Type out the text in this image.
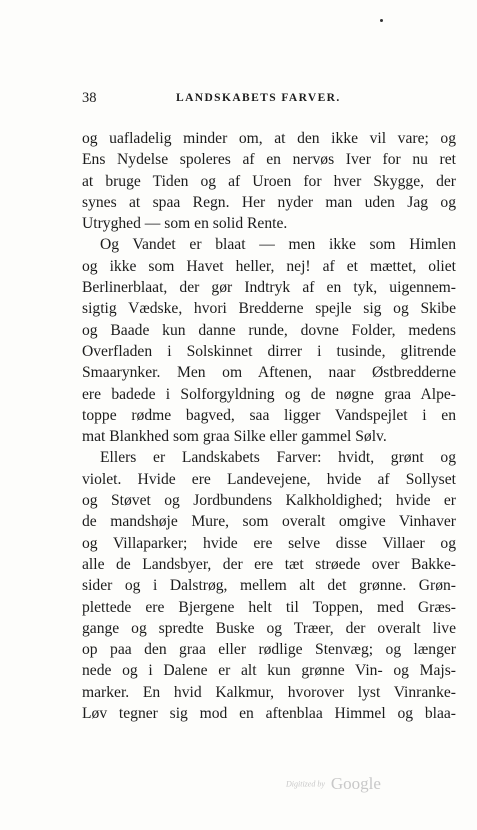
38	LANDSKABETS FARVER.
og uafladelig minder om, at den ikke vil vare; og
Ens Nydelse spoleres af en nervøs Iver for nu ret
at bruge Tiden og af Uroen for hver Skygge, der
synes at spaa Regn. Her nyder man uden Jag og
Utryghed — som en solid Rente.
Og Vandet er blaat — men ikke som Himlen
og ikke som Havet heller, nej! af et mættet, oliet
Berlinerblaat, der gør Indtryk af en tyk, uigennem-
sigtig Vædske, hvori Bredderne spejle sig og Skibe
og Baade kun danne runde, dovne Folder, medens
Overfladen i Solskinnet dirrer i tusinde, glitrende
Smaarynker. Men om Aftenen, naar Østbredderne
ere badede i Solforgyldning og de nøgne graa Alpe-
toppe rødme bagved, saa ligger Vandspejlet i en
mat Blankhed som graa Silke eller gammel Sølv.
Ellers er Landskabets Farver: hvidt, grønt og
violet. Hvide ere Landevejene, hvide af Sollyset
og Støvet og Jordbundens Kalkholdighed; hvide er
de mandshøje Mure, som overalt omgive Vinhaver
og Villaparker; hvide ere selve disse Villaer og
alle de Landsbyer, der ere tæt strøede over Bakke-
sider og i Dalstrøg, mellem alt det grønne. Grøn-
plettede ere Bjergene helt til Toppen, med Græs-
gange og spredte Buske og Træer, der overalt live
op paa den graa eller rødlige Stenvæg; og længer
nede og i Dalene er alt kun grønne Vin- og Majs-
marker. En hvid Kalkmur, hvorover lyst Vinranke-
Løv tegner sig mod en aftenblaa Himmel og blaa-
Digitized by Google
